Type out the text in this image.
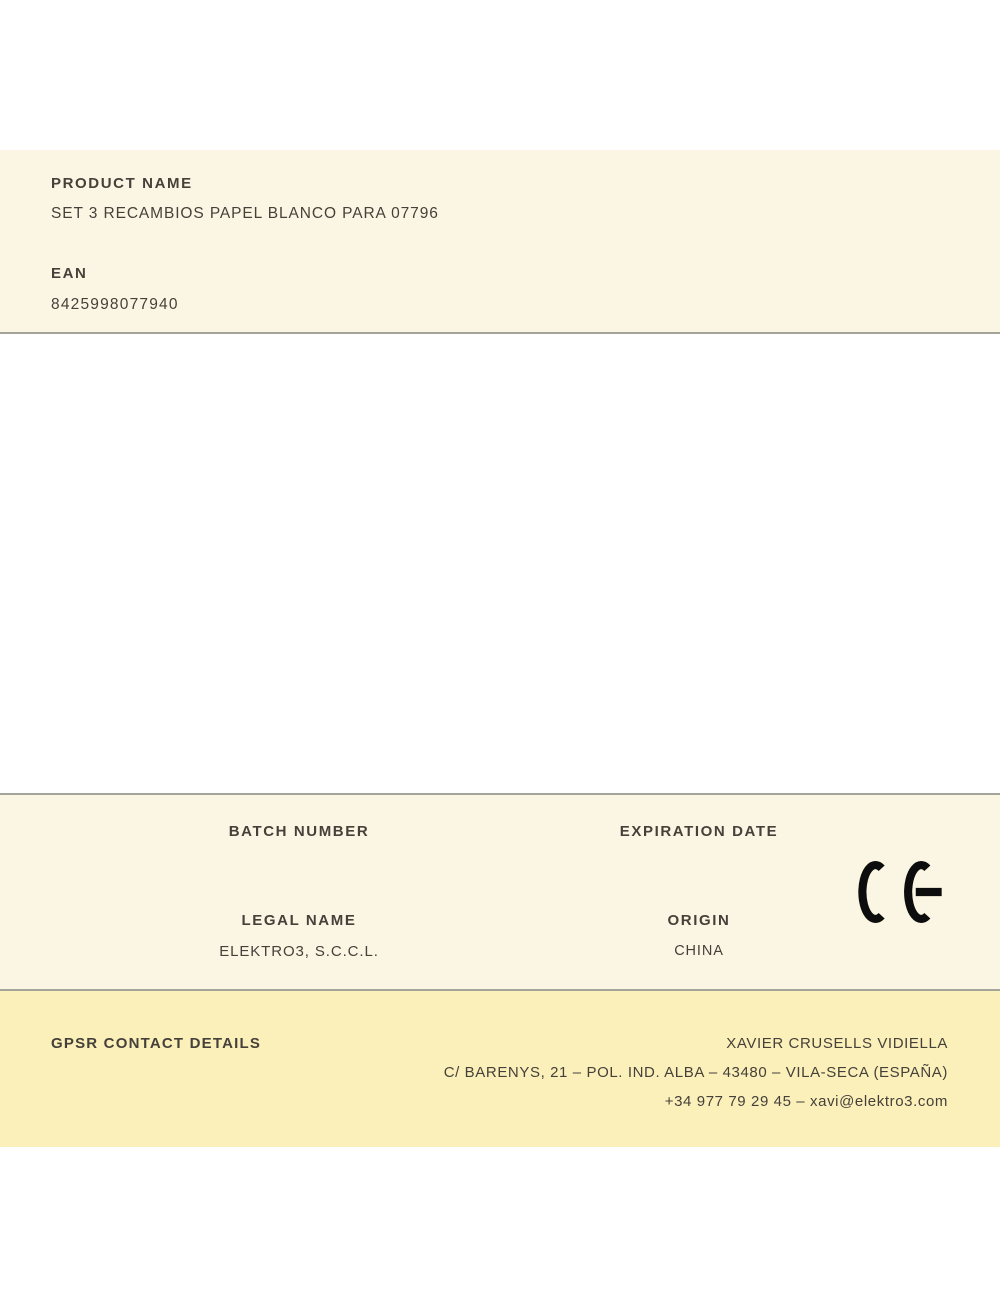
PRODUCT NAME
SET 3 RECAMBIOS PAPEL BLANCO PARA 07796
EAN
8425998077940
BATCH NUMBER	EXPIRATION DATE
LEGAL NAME
ELEKTRO3, S.C.C.L.
ORIGIN
CHINA
GPSR CONTACT DETAILS	XAVIER CRUSELLS VIDIELLA
C/ BARENYS, 21 – POL. IND. ALBA – 43480 – VILA-SECA (ESPAÑA)
+34 977 79 29 45 – xavi@elektro3.com
